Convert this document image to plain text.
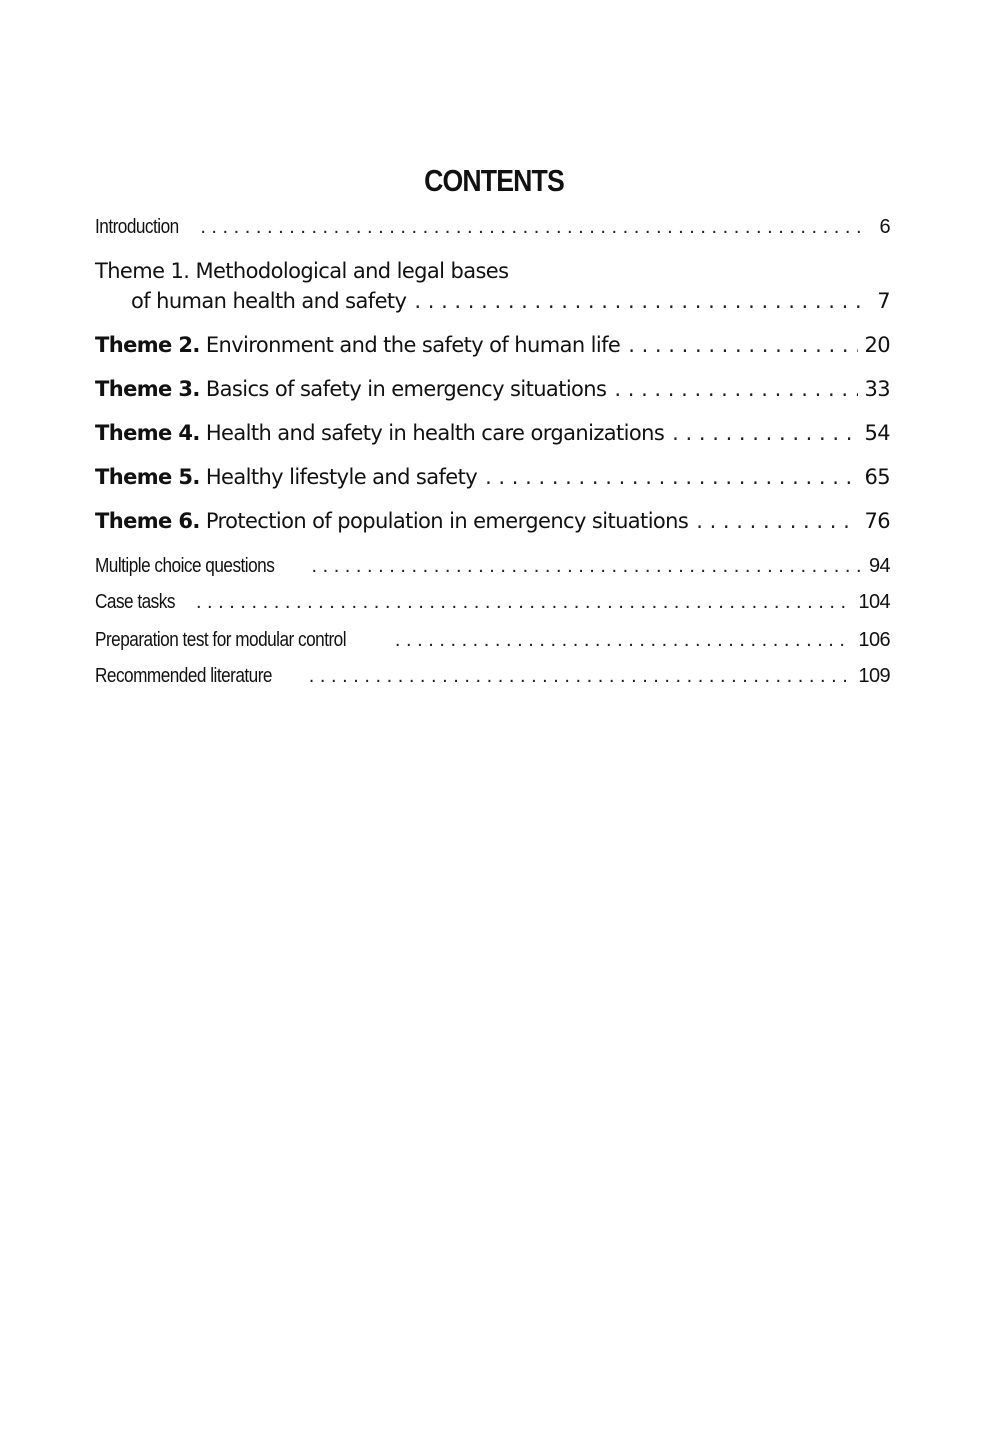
CONTENTS
Introduction . . .	6
Theme 1. Methodological and legal bases
of human health and safety . . .	7
Theme 2. Environment and the safety of human life . . .	20
Theme 3. Basics of safety in emergency situations . . .	33
Theme 4. Health and safety in health care organizations . . .	54
Theme 5. Healthy lifestyle and safety . . .	65
Theme 6. Protection of population in emergency situations . . .	76
Multiple choice questions . . .	94
Case tasks . . .	104
Preparation test for modular control . . .	106
Recommended literature . . .	109
